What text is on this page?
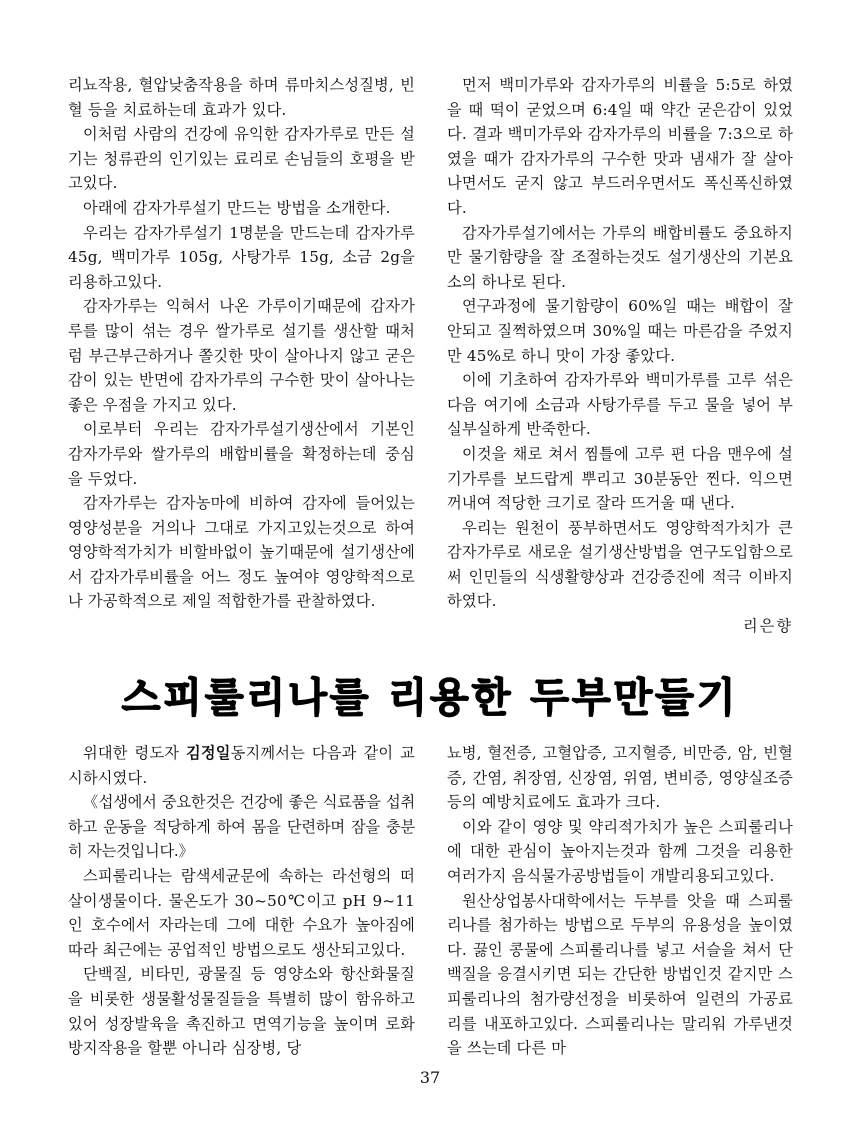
리뇨작용, 혈압낮춤작용을 하며 류마치스성질병, 빈혈 등을 치료하는데 효과가 있다.

이처럼 사람의 건강에 유익한 감자가루로 만든 설기는 청류관의 인기있는 료리로 손님들의 호평을 받고있다.

아래에 감자가루설기 만드는 방법을 소개한다.

우리는 감자가루설기 1명분을 만드는데 감자가루 45g, 백미가루 105g, 사탕가루 15g, 소금 2g을 리용하고있다.

감자가루는 익혀서 나온 가루이기때문에 감자가루를 많이 섞는 경우 쌀가루로 설기를 생산할 때처럼 부근부근하거나 쫄깃한 맛이 살아나지 않고 굳은감이 있는 반면에 감자가루의 구수한 맛이 살아나는 좋은 우점을 가지고 있다.

이로부터 우리는 감자가루설기생산에서 기본인 감자가루와 쌀가루의 배합비률을 확정하는데 중심을 두었다.

감자가루는 감자농마에 비하여 감자에 들어있는 영양성분을 거의나 그대로 가지고있는것으로 하여 영양학적가치가 비할바없이 높기때문에 설기생산에서 감자가루비률을 어느 정도 높여야 영양학적으로나 가공학적으로 제일 적합한가를 관찰하였다.

먼저 백미가루와 감자가루의 비률을 5:5로 하였을 때 떡이 굳었으며 6:4일 때 약간 굳은감이 있었다. 결과 백미가루와 감자가루의 비률을 7:3으로 하였을 때가 감자가루의 구수한 맛과 냄새가 잘 살아나면서도 굳지 않고 부드러우면서도 폭신폭신하였다.

감자가루설기에서는 가루의 배합비률도 중요하지만 물기함량을 잘 조절하는것도 설기생산의 기본요소의 하나로 된다.

연구과정에 물기함량이 60%일 때는 배합이 잘 안되고 질쩍하였으며 30%일 때는 마른감을 주었지만 45%로 하니 맛이 가장 좋았다.

이에 기초하여 감자가루와 백미가루를 고루 섞은 다음 여기에 소금과 사탕가루를 두고 물을 넣어 부실부실하게 반죽한다.

이것을 채로 쳐서 찜틀에 고루 편 다음 맨우에 설기가루를 보드랍게 뿌리고 30분동안 찐다. 익으면 꺼내여 적당한 크기로 잘라 뜨거울 때 낸다.

우리는 원천이 풍부하면서도 영양학적가치가 큰 감자가루로 새로운 설기생산방법을 연구도입함으로써 인민들의 식생활향상과 건강증진에 적극 이바지하였다.

리은향

스피룰리나를 리용한 두부만들기

위대한 령도자 김정일동지께서는 다음과 같이 교시하시였다.

《섭생에서 중요한것은 건강에 좋은 식료품을 섭취하고 운동을 적당하게 하여 몸을 단련하며 잠을 충분히 자는것입니다.》

스피룰리나는 람색세균문에 속하는 라선형의 떠살이생물이다. 물온도가 30~50℃이고 pH 9~11인 호수에서 자라는데 그에 대한 수요가 높아짐에 따라 최근에는 공업적인 방법으로도 생산되고있다.

단백질, 비타민, 광물질 등 영양소와 항산화물질을 비롯한 생물활성물질들을 특별히 많이 함유하고있어 성장발육을 촉진하고 면역기능을 높이며 로화방지작용을 할뿐 아니라 심장병, 당

뇨병, 혈전증, 고혈압증, 고지혈증, 비만증, 암, 빈혈증, 간염, 취장염, 신장염, 위염, 변비증, 영양실조증 등의 예방치료에도 효과가 크다.

이와 같이 영양 및 약리적가치가 높은 스피룰리나에 대한 관심이 높아지는것과 함께 그것을 리용한 여러가지 음식물가공방법들이 개발리용되고있다.

원산상업봉사대학에서는 두부를 앗을 때 스피룰리나를 첨가하는 방법으로 두부의 유용성을 높이였다. 끓인 콩물에 스피룰리나를 넣고 서슬을 쳐서 단백질을 응결시키면 되는 간단한 방법인것 같지만 스피룰리나의 첨가량선정을 비롯하여 일련의 가공료리를 내포하고있다. 스피룰리나는 말리워 가루낸것을 쓰는데 다른 마

37
